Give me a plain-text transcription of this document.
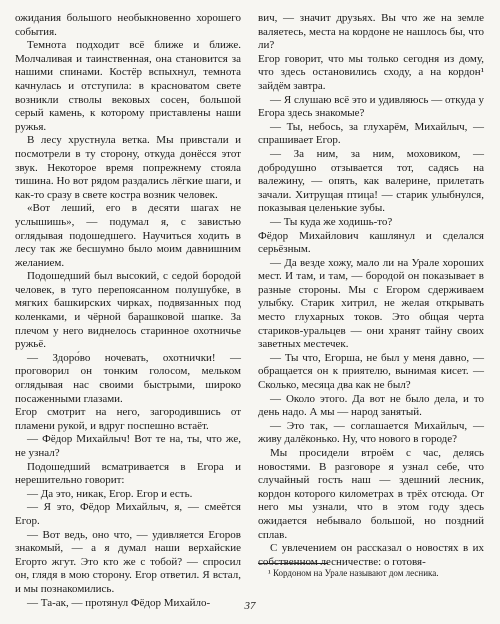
ожидания большого необыкновенно хорошего события.

Темнота подходит всё ближе и ближе. Молчаливая и таинственная, она становится за нашими спинами. Костёр вспыхнул, темнота качнулась и отступила: в красноватом свете возникли стволы вековых сосен, большой серый камень, к которому приставлены наши ружья.

В лесу хрустнула ветка. Мы привстали и посмотрели в ту сторону, откуда донёсся этот звук. Некоторое время попрежнему стояла тишина. Но вот рядом раздались лёгкие шаги, и как-то сразу в свете костра возник человек.

«Вот леший, его в десяти шагах не услышишь», — подумал я, с завистью оглядывая подошедшего. Научиться ходить в лесу так же бесшумно было моим давнишним желанием.

Подошедший был высокий, с седой бородой человек, в туго перепоясанном полушубке, в мягких башкирских чирках, подвязанных под коленками, и чёрной барашковой шапке. За плечом у него виднелось старинное охотничье ружьё.

— Здоро́во ночевать, охотнички! — проговорил он тонким голосом, мельком оглядывая нас своими быстрыми, широко посаженными глазами.

Егор смотрит на него, загородившись от пламени рукой, и вдруг поспешно встаёт.

— Фёдор Михайлыч! Вот те на, ты, что же, не узнал?

Подошедший всматривается в Егора и нерешительно говорит:

— Да это, никак, Егор. Егор и есть.

— Я это, Фёдор Михайлыч, я, — смеётся Егор.

— Вот ведь, оно что, — удивляется Егоров знакомый, — а я думал наши верхайские Егорто жгут. Это кто же с тобой? — спросил он, глядя в мою сторону. Егор ответил. Я встал, и мы познакомились.

— Та-ак, — протянул Фёдор Михайло-

вич, — значит друзьях. Вы что же на земле валяетесь, места на кордоне не нашлось бы, что ли?

Егор говорит, что мы только сегодня из дому, что здесь остановились сходу, а на кордон¹ зайдём завтра.

— Я слушаю всё это и удивляюсь — откуда у Егора здесь знакомые?

— Ты, небось, за глухарём, Михайлыч, — спрашивает Егор.

— За ним, за ним, моховиком, — добродушно отзывается тот, садясь на валежину, — опять, как валерине, прилетать зачали. Хитрущая птица! — старик улыбнулся, показывая целенькие зубы.

— Ты куда же ходишь-то?

Фёдор Михайлович кашлянул и сделался серьёзным.

— Да везде хожу, мало ли на Урале хороших мест. И там, и там, — бородой он показывает в разные стороны. Мы с Егором сдерживаем улыбку. Старик хитрил, не желая открывать место глухарных токов. Это общая черта стариков-уральцев — они хранят тайну своих заветных местечек.

— Ты что, Егорша, не был у меня давно, — обращается он к приятелю, вынимая кисет. — Сколько, месяца два как не был?

— Около этого. Да вот не было дела, и то день надо. А мы — народ занятый.

— Это так, — соглашается Михайлыч, — живу далёконько. Ну, что нового в городе?

Мы просидели втроём с час, делясь новостями. В разговоре я узнал себе, что случайный гость наш — здешний лесник, кордон которого километрах в трёх отсюда. От него мы узнали, что в этом году здесь ожидается небывало большой, но поздний сплав.

С увлечением он рассказал о новостях в их собственном лесничестве: о готовя-

¹ Кордоном на Урале называют дом лесника.
37
